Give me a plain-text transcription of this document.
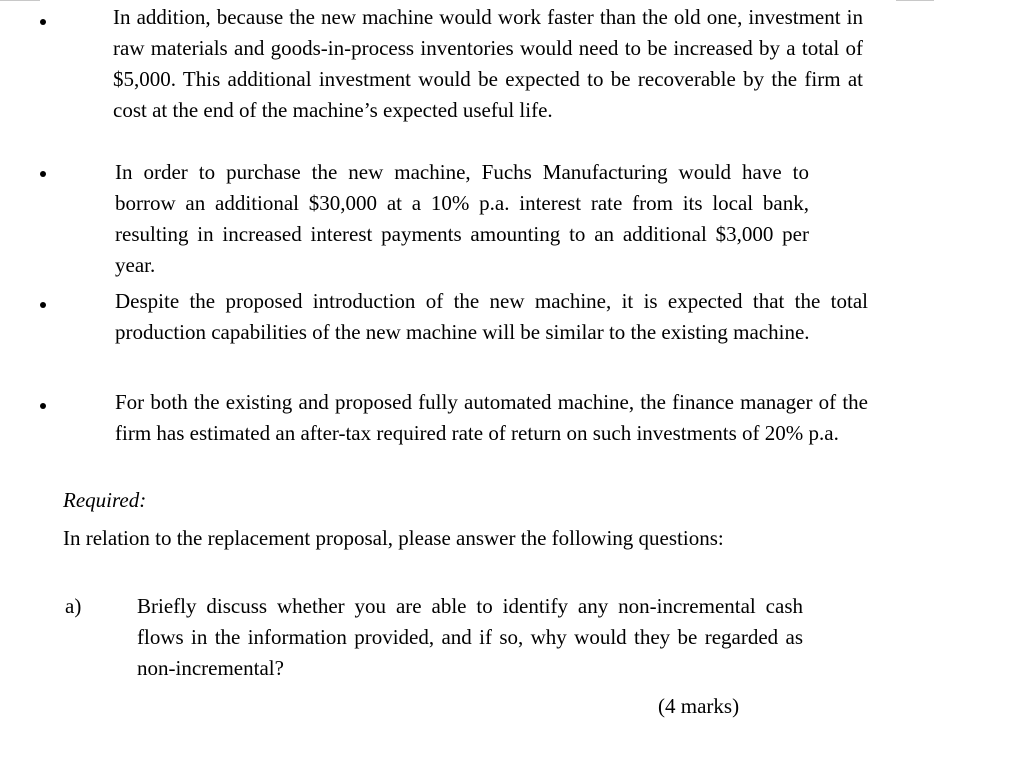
In addition, because the new machine would work faster than the old one, investment in raw materials and goods-in-process inventories would need to be increased by a total of $5,000. This additional investment would be expected to be recoverable by the firm at cost at the end of the machine’s expected useful life.

In order to purchase the new machine, Fuchs Manufacturing would have to borrow an additional $30,000 at a 10% p.a. interest rate from its local bank, resulting in increased interest payments amounting to an additional $3,000 per year.

Despite the proposed introduction of the new machine, it is expected that the total production capabilities of the new machine will be similar to the existing machine.

For both the existing and proposed fully automated machine, the finance manager of the firm has estimated an after-tax required rate of return on such investments of 20% p.a.

Required:

In relation to the replacement proposal, please answer the following questions:

a)	Briefly discuss whether you are able to identify any non-incremental cash flows in the information provided, and if so, why would they be regarded as non-incremental?

(4 marks)
